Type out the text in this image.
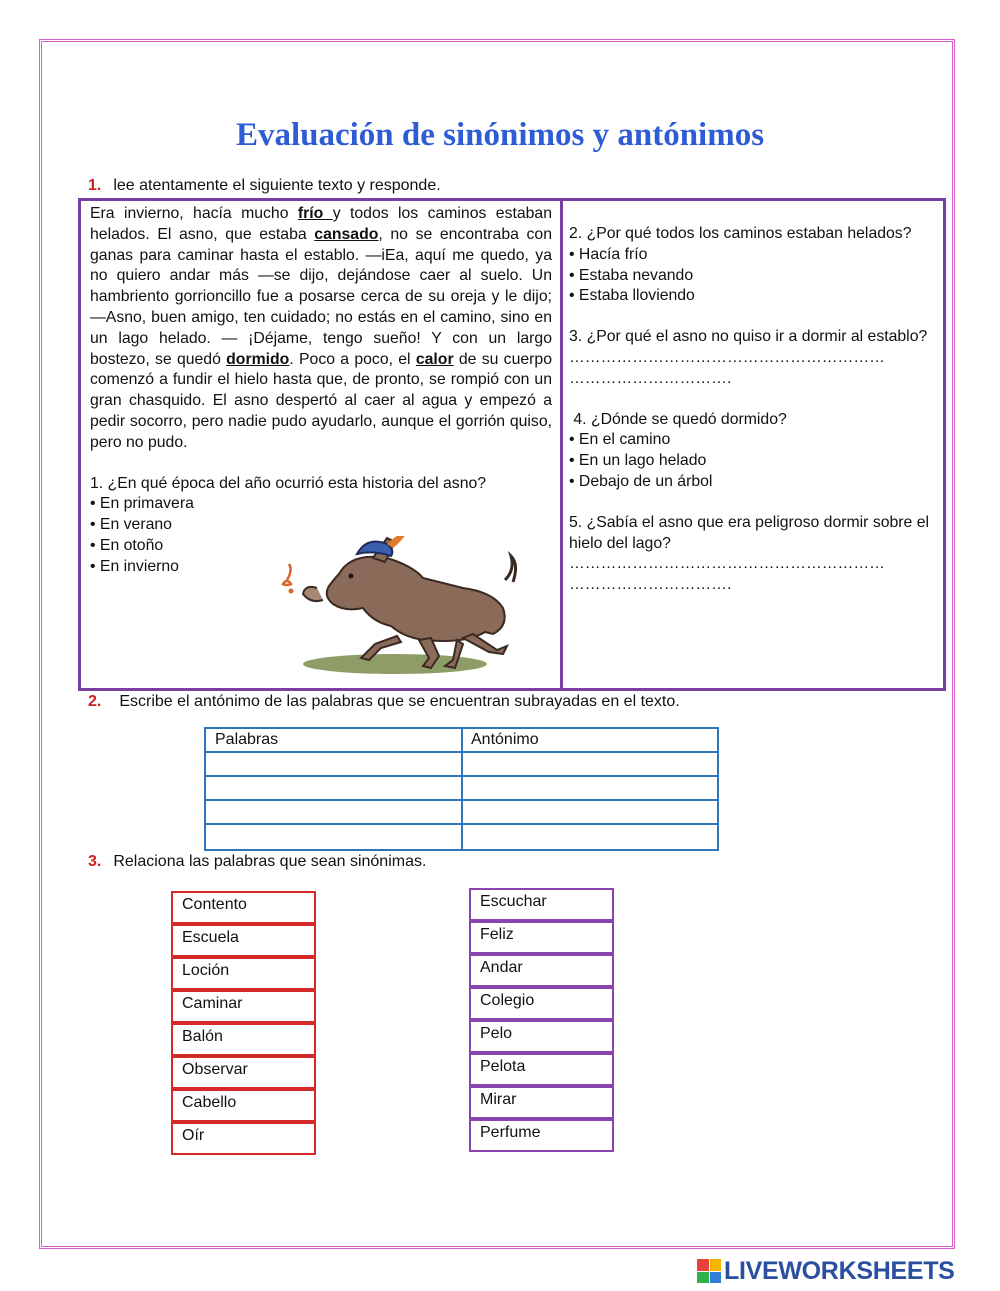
Evaluación de sinónimos y antónimos
1. lee atentamente el siguiente texto y responde.

Era invierno, hacía mucho frío y todos los caminos estaban helados. El asno, que estaba cansado, no se encontraba con ganas para caminar hasta el establo. —iEa, aquí me quedo, ya no quiero andar más —se dijo, dejándose caer al suelo. Un hambriento gorrioncillo fue a posarse cerca de su oreja y le dijo; —Asno, buen amigo, ten cuidado; no estás en el camino, sino en un lago helado. — ¡Déjame, tengo sueño! Y con un largo bostezo, se quedó dormido. Poco a poco, el calor de su cuerpo comenzó a fundir el hielo hasta que, de pronto, se rompió con un gran chasquido. El asno despertó al caer al agua y empezó a pedir socorro, pero nadie pudo ayudarlo, aunque el gorrión quiso, pero no pudo.

1. ¿En qué época del año ocurrió esta historia del asno?
• En primavera
• En verano
• En otoño
• En invierno
2. ¿Por qué todos los caminos estaban helados?
• Hacía frío
• Estaba nevando
• Estaba lloviendo
3. ¿Por qué el asno no quiso ir a dormir al establo?
……………………………………………………
………………………….
4. ¿Dónde se quedó dormido?
• En el camino
• En un lago helado
• Debajo de un árbol
5. ¿Sabía el asno que era peligroso dormir sobre el hielo del lago?
……………………………………………………
………………………….
2. Escribe el antónimo de las palabras que se encuentran subrayadas en el texto.
Palabras	Antónimo
3. Relaciona las palabras que sean sinónimas.
Contento
Escuela
Loción
Caminar
Balón
Observar
Cabello
Oír
Escuchar
Feliz
Andar
Colegio
Pelo
Pelota
Mirar
Perfume
LIVEWORKSHEETS
